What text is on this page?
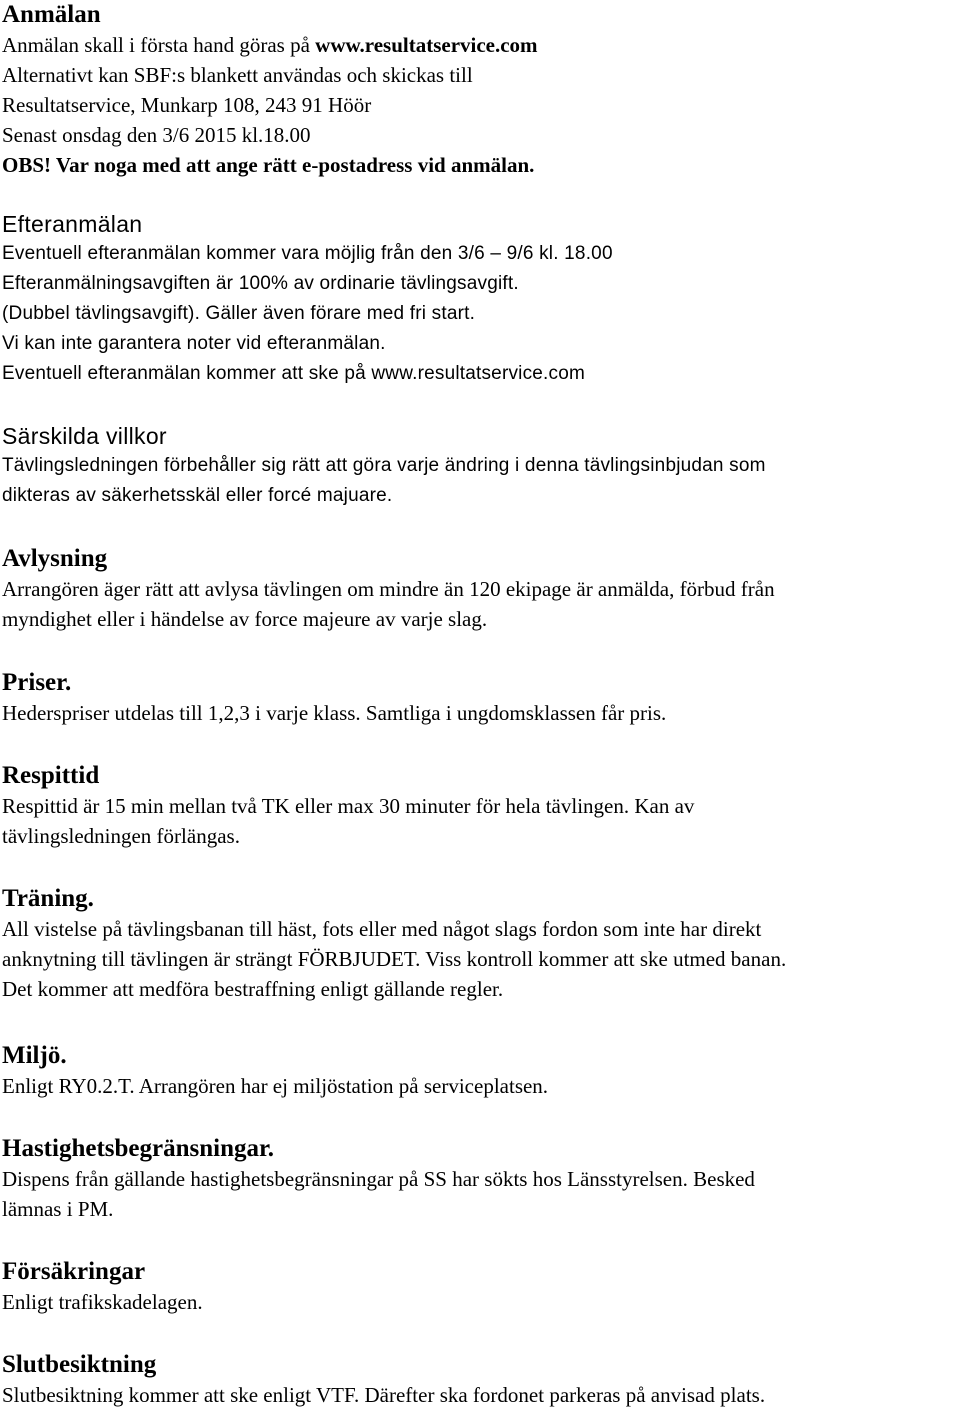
Anmälan
Anmälan skall i första hand göras på www.resultatservice.com
Alternativt kan SBF:s blankett användas och skickas till
Resultatservice, Munkarp 108, 243 91 Höör
Senast onsdag den 3/6 2015 kl.18.00
OBS! Var noga med att ange rätt e-postadress vid anmälan.
Efteranmälan
Eventuell efteranmälan kommer vara möjlig från den 3/6 – 9/6 kl. 18.00
Efteranmälningsavgiften är 100% av ordinarie tävlingsavgift.
(Dubbel tävlingsavgift). Gäller även förare med fri start.
Vi kan inte garantera noter vid efteranmälan.
Eventuell efteranmälan kommer att ske på www.resultatservice.com
Särskilda villkor
Tävlingsledningen förbehåller sig rätt att göra varje ändring i denna tävlingsinbjudan som
dikteras av säkerhetsskäl eller forcé majuare.
Avlysning
Arrangören äger rätt att avlysa tävlingen om mindre än 120 ekipage är anmälda, förbud från
myndighet eller i händelse av force majeure av varje slag.
Priser.
Hederspriser utdelas till 1,2,3 i varje klass. Samtliga i ungdomsklassen får pris.
Respittid
Respittid är 15 min mellan två TK eller max 30 minuter för hela tävlingen. Kan av
tävlingsledningen förlängas.
Träning.
All vistelse på tävlingsbanan till häst, fots eller med något slags fordon som inte har direkt
anknytning till tävlingen är strängt FÖRBJUDET. Viss kontroll kommer att ske utmed banan.
Det kommer att medföra bestraffning enligt gällande regler.
Miljö.
Enligt RY0.2.T. Arrangören har ej miljöstation på serviceplatsen.
Hastighetsbegränsningar.
Dispens från gällande hastighetsbegränsningar på SS har sökts hos Länsstyrelsen. Besked
lämnas i PM.
Försäkringar
Enligt trafikskadelagen.
Slutbesiktning
Slutbesiktning kommer att ske enligt VTF. Därefter ska fordonet parkeras på anvisad plats.
